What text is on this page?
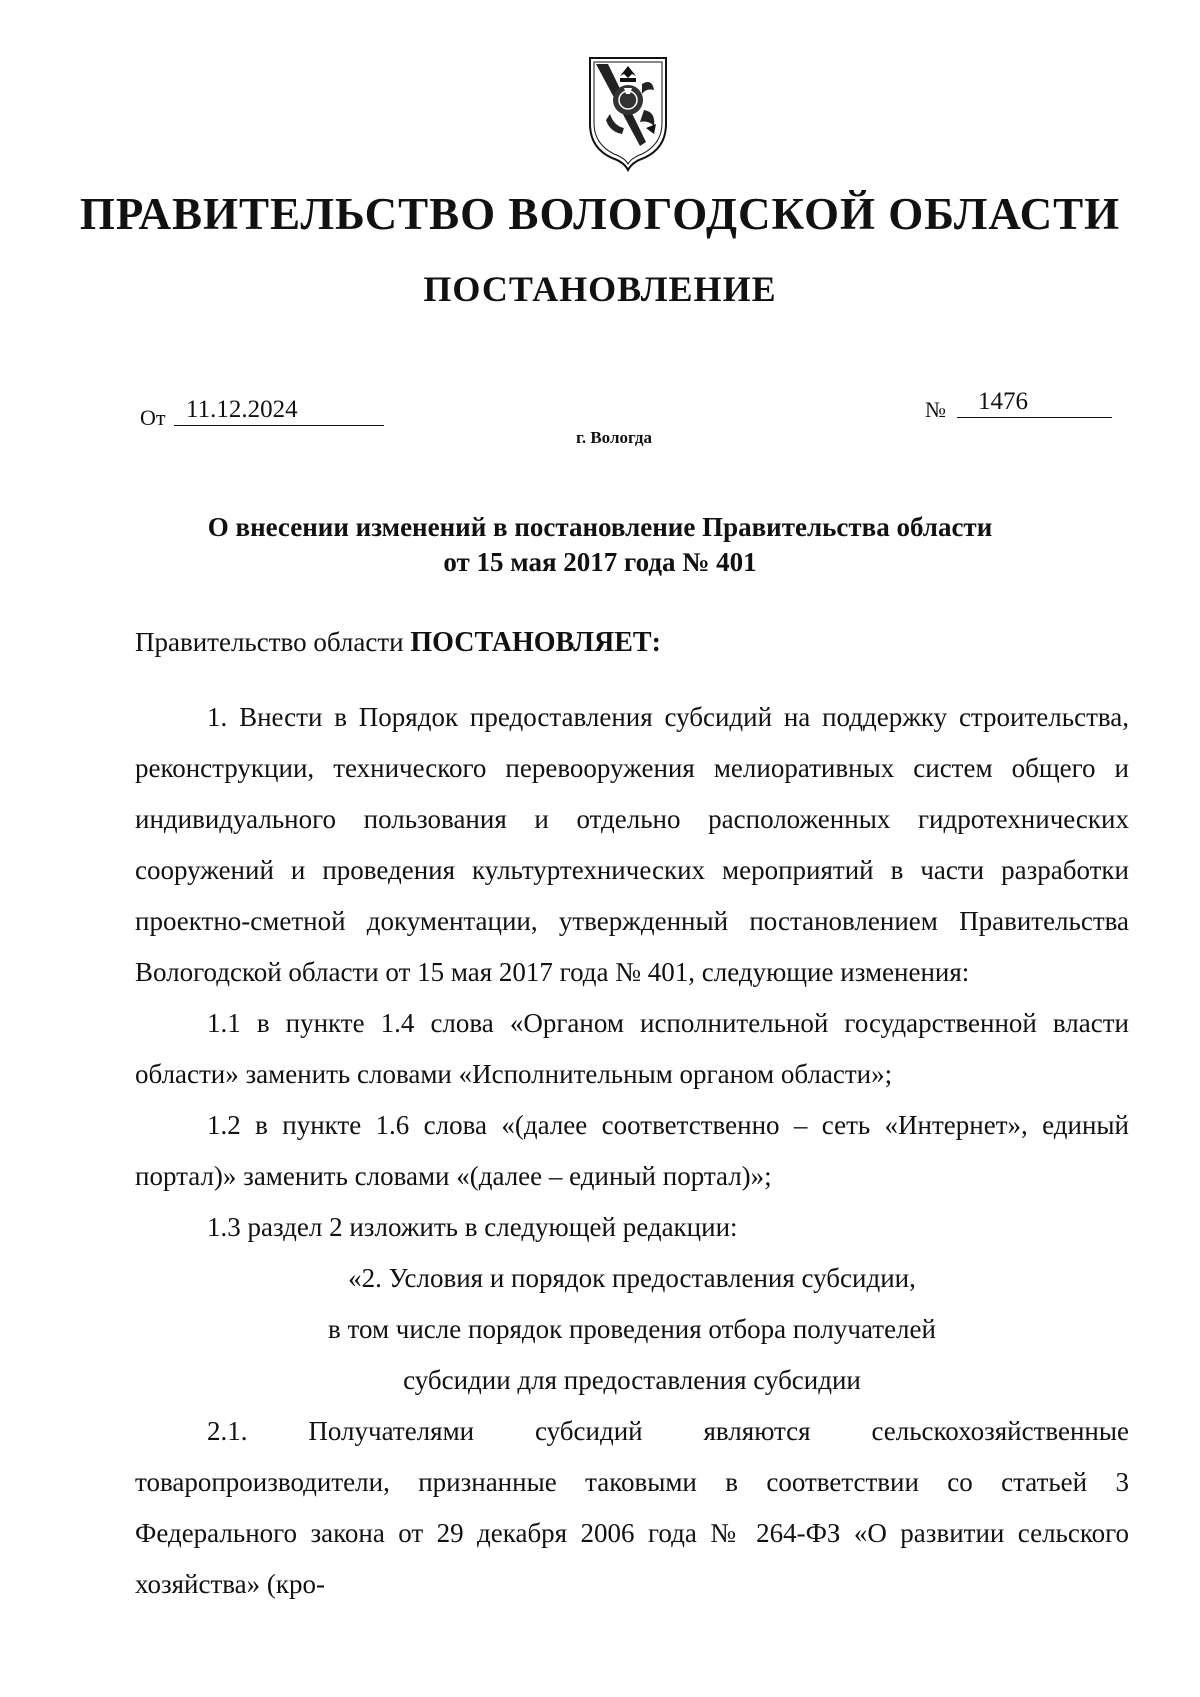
ПРАВИТЕЛЬСТВО ВОЛОГОДСКОЙ ОБЛАСТИ
ПОСТАНОВЛЕНИЕ
От 11.12.2024	№ 1476

г. Вологда

О внесении изменений в постановление Правительства области
от 15 мая 2017 года № 401

Правительство области ПОСТАНОВЛЯЕТ:

1. Внести в Порядок предоставления субсидий на поддержку строительства, реконструкции, технического перевооружения мелиоративных систем общего и индивидуального пользования и отдельно расположенных гидротехнических сооружений и проведения культуртехнических мероприятий в части разработки проектно-сметной документации, утвержденный постановлением Правительства Вологодской области от 15 мая 2017 года № 401, следующие изменения:

1.1 в пункте 1.4 слова «Органом исполнительной государственной власти области» заменить словами «Исполнительным органом области»;

1.2 в пункте 1.6 слова «(далее соответственно – сеть «Интернет», единый портал)» заменить словами «(далее – единый портал)»;

1.3 раздел 2 изложить в следующей редакции:

«2. Условия и порядок предоставления субсидии,

в том числе порядок проведения отбора получателей

субсидии для предоставления субсидии

2.1. Получателями субсидий являются сельскохозяйственные товаропроизводители, признанные таковыми в соответствии со статьей 3 Федерального закона от 29 декабря 2006 года № 264-ФЗ «О развитии сельского хозяйства» (кро-
